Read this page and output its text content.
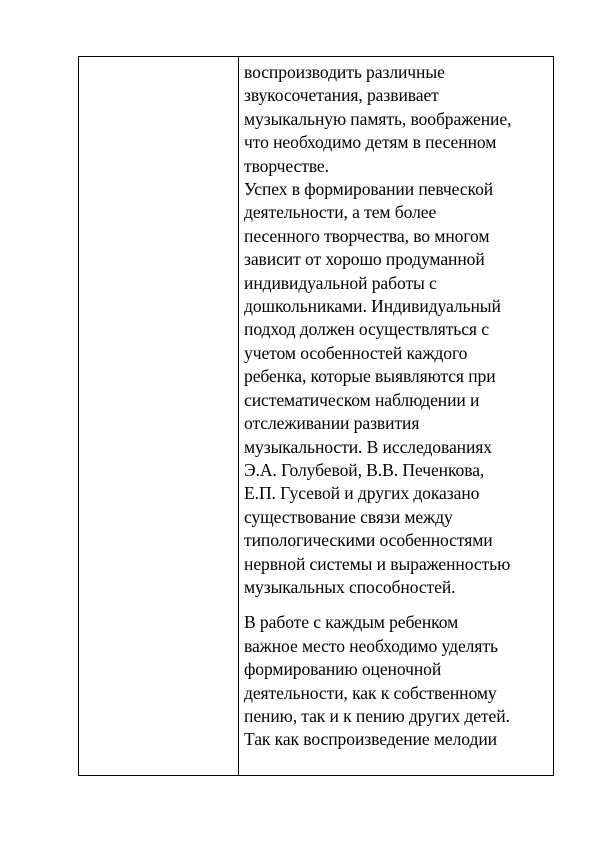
воспроизводить различные
звукосочетания, развивает
музыкальную память, воображение,
что необходимо детям в песенном
творчестве.

Успех в формировании певческой
деятельности, а тем более
песенного творчества, во многом
зависит от хорошо продуманной
индивидуальной работы с
дошкольниками. Индивидуальный
подход должен осуществляться с
учетом особенностей каждого
ребенка, которые выявляются при
систематическом наблюдении и
отслеживании развития
музыкальности. В исследованиях
Э.А. Голубевой, В.В. Печенкова,
Е.П. Гусевой и других доказано
существование связи между
типологическими особенностями
нервной системы и выраженностью
музыкальных способностей.

В работе с каждым ребенком
важное место необходимо уделять
формированию оценочной
деятельности, как к собственному
пению, так и к пению других детей.
Так как воспроизведение мелодии
